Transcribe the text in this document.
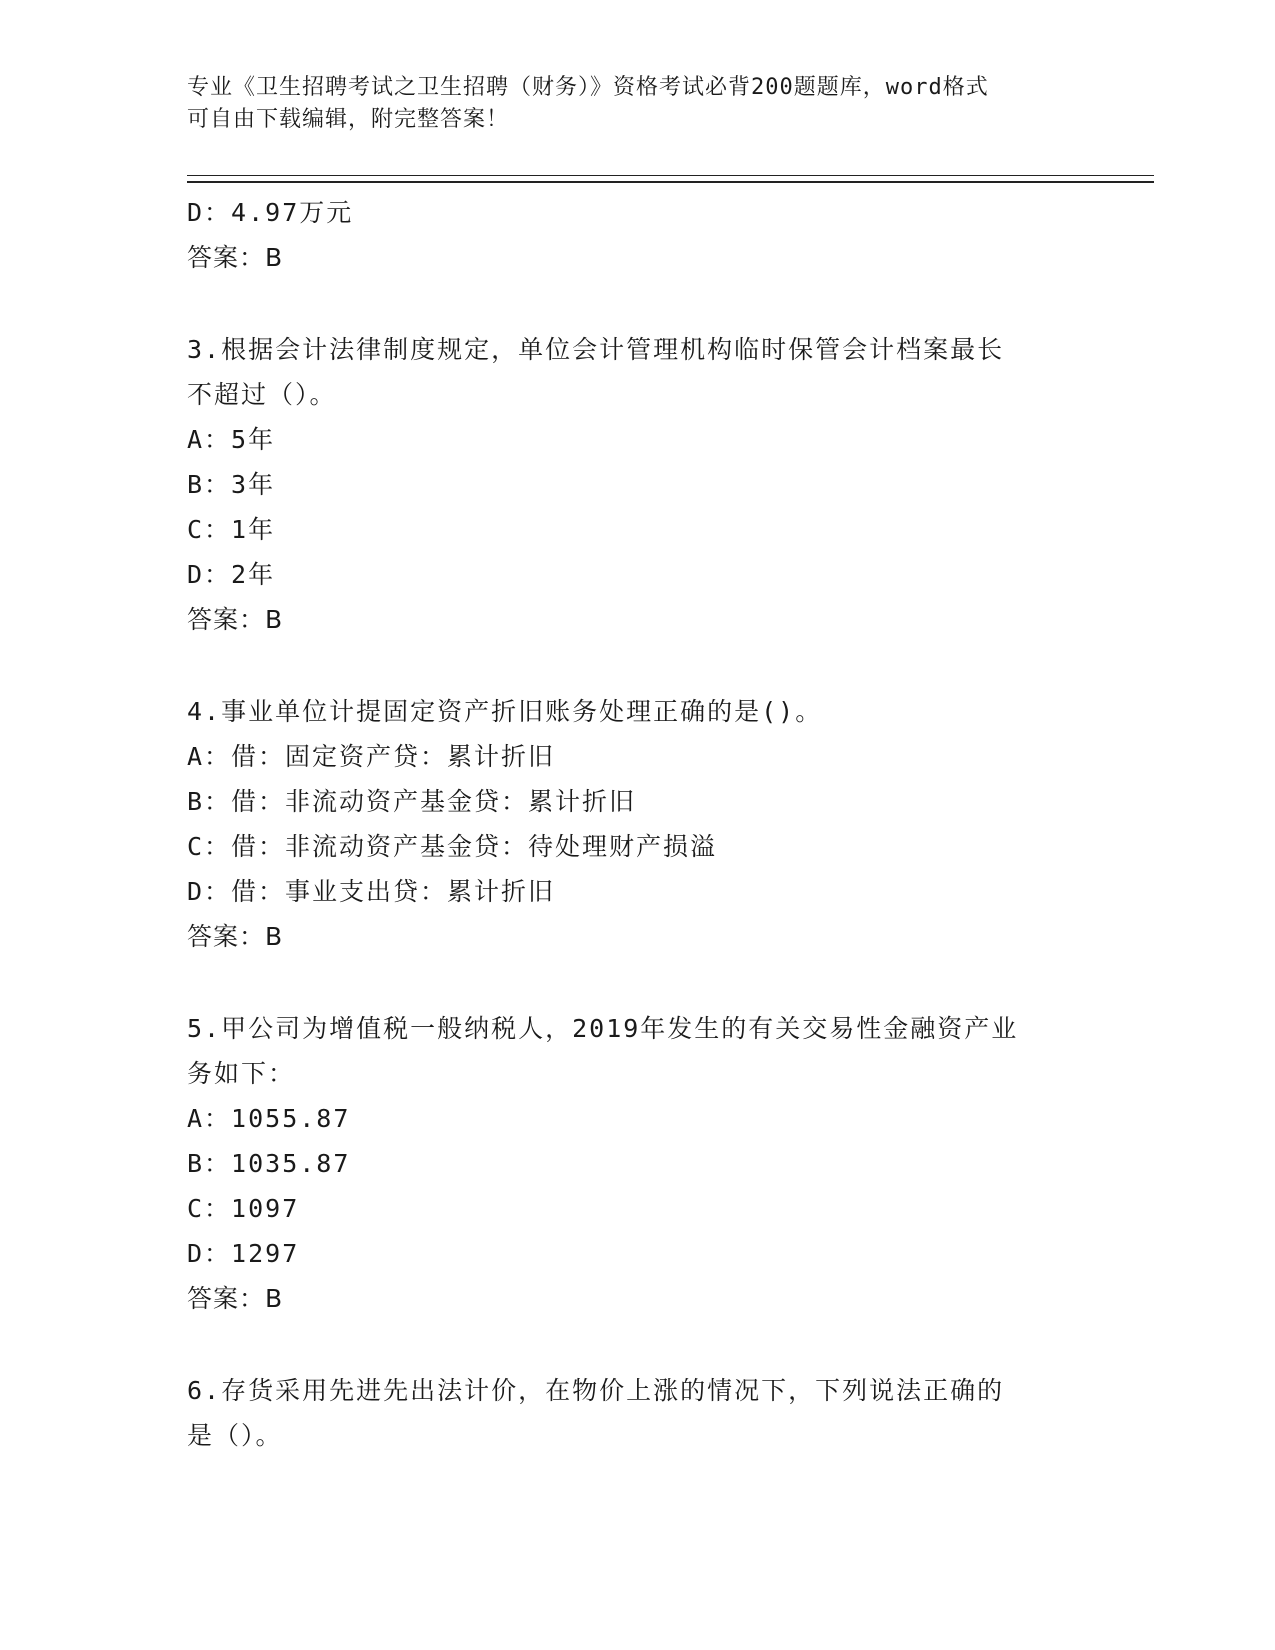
专业《卫生招聘考试之卫生招聘（财务）》资格考试必背200题题库，word格式
可自由下载编辑，附完整答案！
D：4.97万元
答案：B
3.根据会计法律制度规定，单位会计管理机构临时保管会计档案最长
不超过（）。
A：5年
B：3年
C：1年
D：2年
答案：B
4.事业单位计提固定资产折旧账务处理正确的是()。
A：借：固定资产贷：累计折旧
B：借：非流动资产基金贷：累计折旧
C：借：非流动资产基金贷：待处理财产损溢
D：借：事业支出贷：累计折旧
答案：B
5.甲公司为增值税一般纳税人，2019年发生的有关交易性金融资产业
务如下：
A：1055.87
B：1035.87
C：1097
D：1297
答案：B
6.存货采用先进先出法计价，在物价上涨的情况下，下列说法正确的
是（）。
